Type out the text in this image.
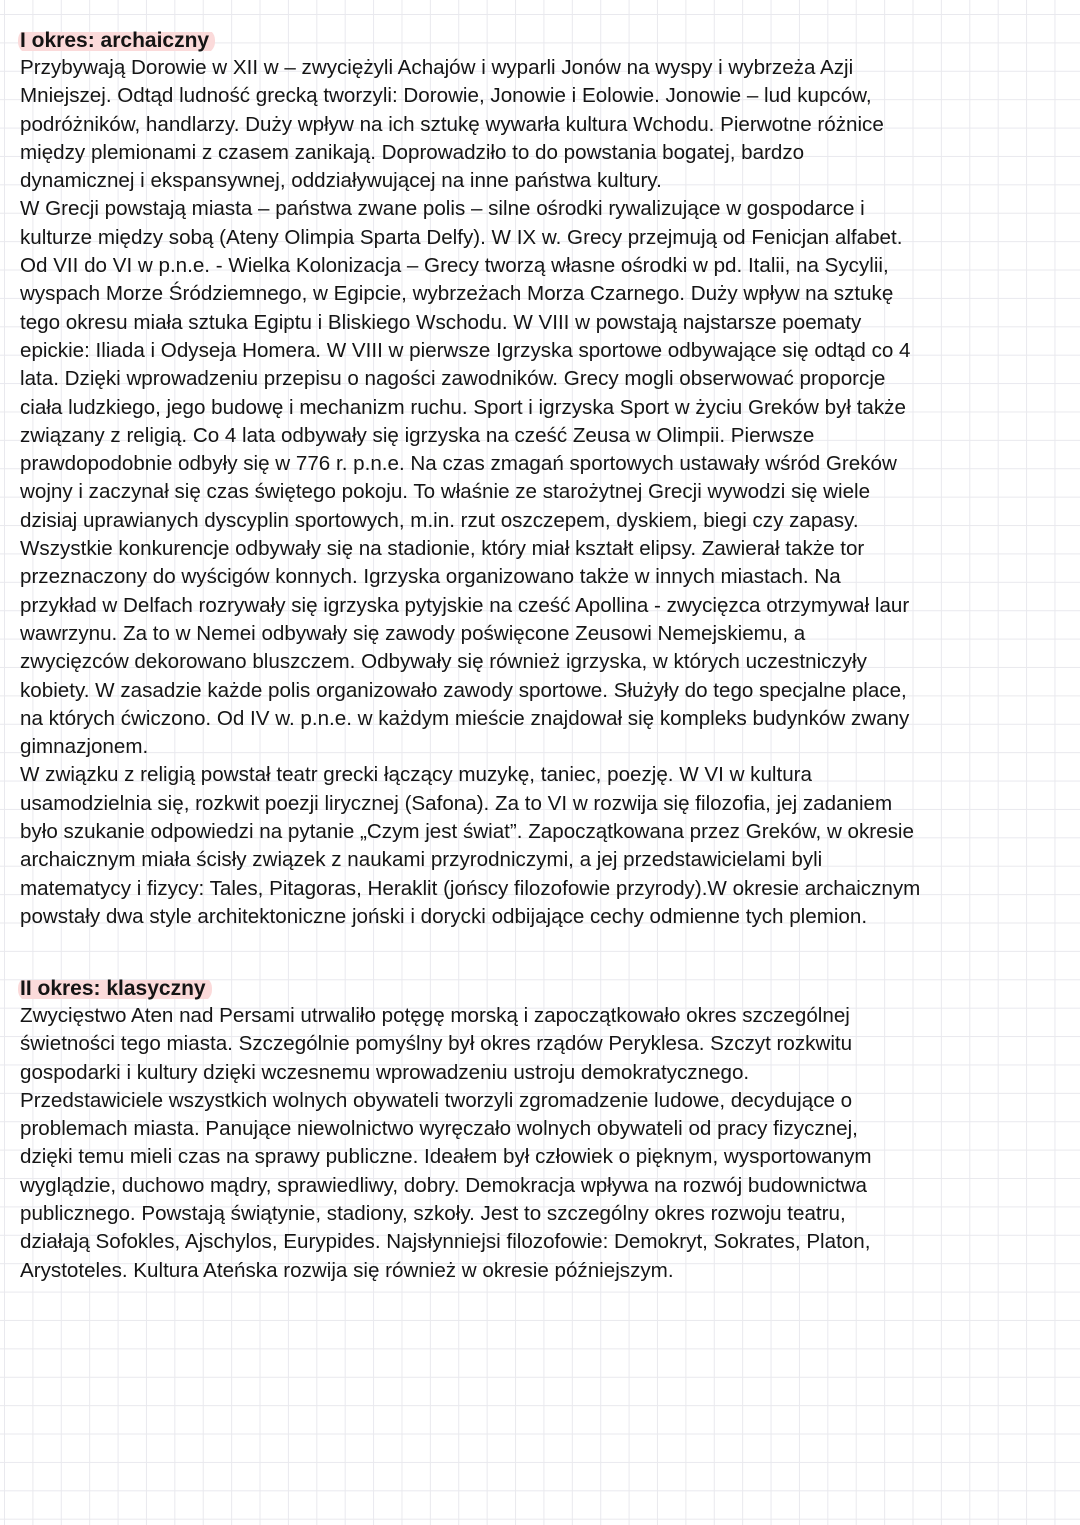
I okres: archaiczny
Przybywają Dorowie w XII w – zwyciężyli Achajów i wyparli Jonów na wyspy i wybrzeża Azji
Mniejszej. Odtąd ludność grecką tworzyli: Dorowie, Jonowie i Eolowie. Jonowie – lud kupców,
podróżników, handlarzy. Duży wpływ na ich sztukę wywarła kultura Wchodu. Pierwotne różnice
między plemionami z czasem zanikają. Doprowadziło to do powstania bogatej, bardzo
dynamicznej i ekspansywnej, oddziaływującej na inne państwa kultury.
W Grecji powstają miasta – państwa zwane polis – silne ośrodki rywalizujące w gospodarce i
kulturze między sobą (Ateny Olimpia Sparta Delfy). W IX w. Grecy przejmują od Fenicjan alfabet.
Od VII do VI w p.n.e. - Wielka Kolonizacja – Grecy tworzą własne ośrodki w pd. Italii, na Sycylii,
wyspach Morze Śródziemnego, w Egipcie, wybrzeżach Morza Czarnego. Duży wpływ na sztukę
tego okresu miała sztuka Egiptu i Bliskiego Wschodu. W VIII w powstają najstarsze poematy
epickie: Iliada i Odyseja Homera. W VIII w pierwsze Igrzyska sportowe odbywające się odtąd co 4
lata. Dzięki wprowadzeniu przepisu o nagości zawodników. Grecy mogli obserwować proporcje
ciała ludzkiego, jego budowę i mechanizm ruchu. Sport i igrzyska Sport w życiu Greków był także
związany z religią. Co 4 lata odbywały się igrzyska na cześć Zeusa w Olimpii. Pierwsze
prawdopodobnie odbyły się w 776 r. p.n.e. Na czas zmagań sportowych ustawały wśród Greków
wojny i zaczynał się czas świętego pokoju. To właśnie ze starożytnej Grecji wywodzi się wiele
dzisiaj uprawianych dyscyplin sportowych, m.in. rzut oszczepem, dyskiem, biegi czy zapasy.
Wszystkie konkurencje odbywały się na stadionie, który miał kształt elipsy. Zawierał także tor
przeznaczony do wyścigów konnych. Igrzyska organizowano także w innych miastach. Na
przykład w Delfach rozrywały się igrzyska pytyjskie na cześć Apollina - zwycięzca otrzymywał laur
wawrzynu. Za to w Nemei odbywały się zawody poświęcone Zeusowi Nemejskiemu, a
zwycięzców dekorowano bluszczem. Odbywały się również igrzyska, w których uczestniczyły
kobiety. W zasadzie każde polis organizowało zawody sportowe. Służyły do tego specjalne place,
na których ćwiczono. Od IV w. p.n.e. w każdym mieście znajdował się kompleks budynków zwany
gimnazjonem.
W związku z religią powstał teatr grecki łączący muzykę, taniec, poezję. W VI w kultura
usamodzielnia się, rozkwit poezji lirycznej (Safona). Za to VI w rozwija się filozofia, jej zadaniem
było szukanie odpowiedzi na pytanie „Czym jest świat”. Zapoczątkowana przez Greków, w okresie
archaicznym miała ścisły związek z naukami przyrodniczymi, a jej przedstawicielami byli
matematycy i fizycy: Tales, Pitagoras, Heraklit (jońscy filozofowie przyrody).W okresie archaicznym
powstały dwa style architektoniczne joński i dorycki odbijające cechy odmienne tych plemion.
II okres: klasyczny
Zwycięstwo Aten nad Persami utrwaliło potęgę morską i zapoczątkowało okres szczególnej
świetności tego miasta. Szczególnie pomyślny był okres rządów Peryklesa. Szczyt rozkwitu
gospodarki i kultury dzięki wczesnemu wprowadzeniu ustroju demokratycznego.
Przedstawiciele wszystkich wolnych obywateli tworzyli zgromadzenie ludowe, decydujące o
problemach miasta. Panujące niewolnictwo wyręczało wolnych obywateli od pracy fizycznej,
dzięki temu mieli czas na sprawy publiczne. Ideałem był człowiek o pięknym, wysportowanym
wyglądzie, duchowo mądry, sprawiedliwy, dobry. Demokracja wpływa na rozwój budownictwa
publicznego. Powstają świątynie, stadiony, szkoły. Jest to szczególny okres rozwoju teatru,
działają Sofokles, Ajschylos, Eurypides. Najsłynniejsi filozofowie: Demokryt, Sokrates, Platon,
Arystoteles. Kultura Ateńska rozwija się również w okresie późniejszym.
